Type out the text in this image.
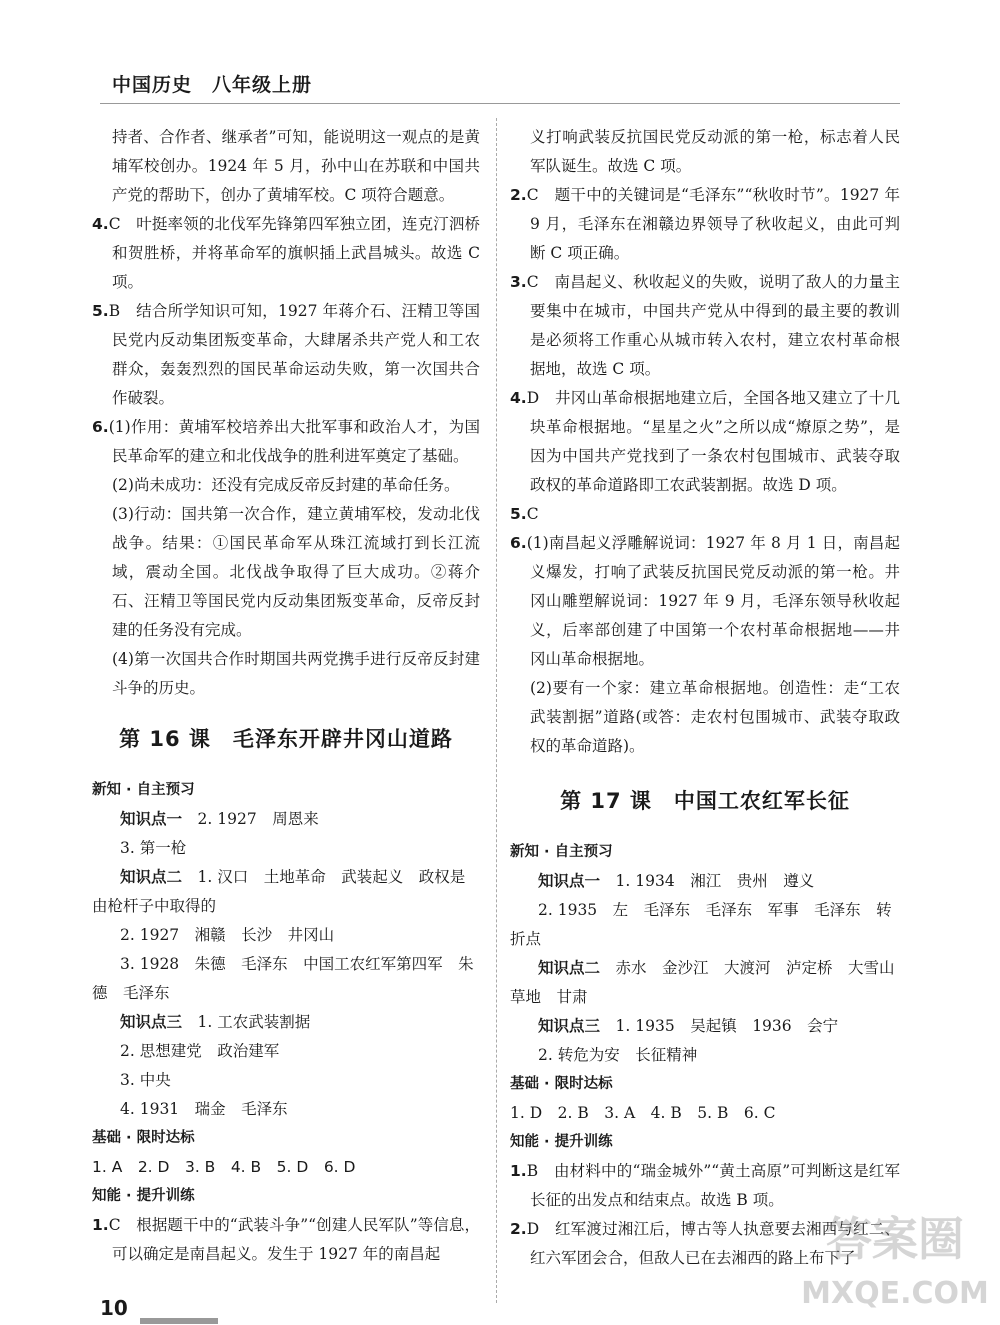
中国历史　八年级上册

持者、合作者、继承者”可知，能说明这一观点的是黄埔军校创办。1924 年 5 月，孙中山在苏联和中国共产党的帮助下，创办了黄埔军校。C 项符合题意。

4.C　叶挺率领的北伐军先锋第四军独立团，连克汀泗桥和贺胜桥，并将革命军的旗帜插上武昌城头。故选 C 项。

5.B　结合所学知识可知，1927 年蒋介石、汪精卫等国民党内反动集团叛变革命，大肆屠杀共产党人和工农群众，轰轰烈烈的国民革命运动失败，第一次国共合作破裂。

6.(1)作用：黄埔军校培养出大批军事和政治人才，为国民革命军的建立和北伐战争的胜利进军奠定了基础。

(2)尚未成功：还没有完成反帝反封建的革命任务。

(3)行动：国共第一次合作，建立黄埔军校，发动北伐战争。结果：①国民革命军从珠江流域打到长江流域，震动全国。北伐战争取得了巨大成功。②蒋介石、汪精卫等国民党内反动集团叛变革命，反帝反封建的任务没有完成。

(4)第一次国共合作时期国共两党携手进行反帝反封建斗争的历史。

第 16 课　毛泽东开辟井冈山道路

新知 · 自主预习

知识点一　 2. 1927　周恩来

3. 第一枪

知识点二　 1. 汉口　土地革命　武装起义　政权是由枪杆子中取得的

2. 1927　湘赣　长沙　井冈山

3. 1928　朱德　毛泽东　中国工农红军第四军　朱德　毛泽东

知识点三　 1. 工农武装割据

2. 思想建党　政治建军

3. 中央

4. 1931　瑞金　毛泽东

基础 · 限时达标

1. A　2. D　3. B　4. B　5. D　6. D

知能 · 提升训练

1.C　根据题干中的“武装斗争”“创建人民军队”等信息，可以确定是南昌起义。发生于 1927 年的南昌起

义打响武装反抗国民党反动派的第一枪，标志着人民军队诞生。故选 C 项。

2.C　题干中的关键词是“毛泽东”“秋收时节”。1927 年 9 月，毛泽东在湘赣边界领导了秋收起义，由此可判断 C 项正确。

3.C　南昌起义、秋收起义的失败，说明了敌人的力量主要集中在城市，中国共产党从中得到的最主要的教训是必须将工作重心从城市转入农村，建立农村革命根据地，故选 C 项。

4.D　井冈山革命根据地建立后，全国各地又建立了十几块革命根据地。“星星之火”之所以成“燎原之势”，是因为中国共产党找到了一条农村包围城市、武装夺取政权的革命道路即工农武装割据。故选 D 项。

5.C

6.(1)南昌起义浮雕解说词：1927 年 8 月 1 日，南昌起义爆发，打响了武装反抗国民党反动派的第一枪。井冈山雕塑解说词：1927 年 9 月，毛泽东领导秋收起义，后率部创建了中国第一个农村革命根据地——井冈山革命根据地。

(2)要有一个家：建立革命根据地。创造性：走“工农武装割据”道路(或答：走农村包围城市、武装夺取政权的革命道路)。

第 17 课　中国工农红军长征

新知 · 自主预习

知识点一　 1. 1934　湘江　贵州　遵义

2. 1935　左　毛泽东　毛泽东　军事　毛泽东　转折点

知识点二　 赤水　金沙江　大渡河　泸定桥　大雪山　草地　甘肃

知识点三　 1. 1935　吴起镇　1936　会宁

2. 转危为安　长征精神

基础 · 限时达标

1. D　2. B　3. A　4. B　5. B　6. C

知能 · 提升训练

1.B　由材料中的“瑞金城外”“黄土高原”可判断这是红军长征的出发点和结束点。故选 B 项。

2.D　红军渡过湘江后，博古等人执意要去湘西与红二、红六军团会合，但敌人已在去湘西的路上布下了

10
答案圈
MXQE.COM
